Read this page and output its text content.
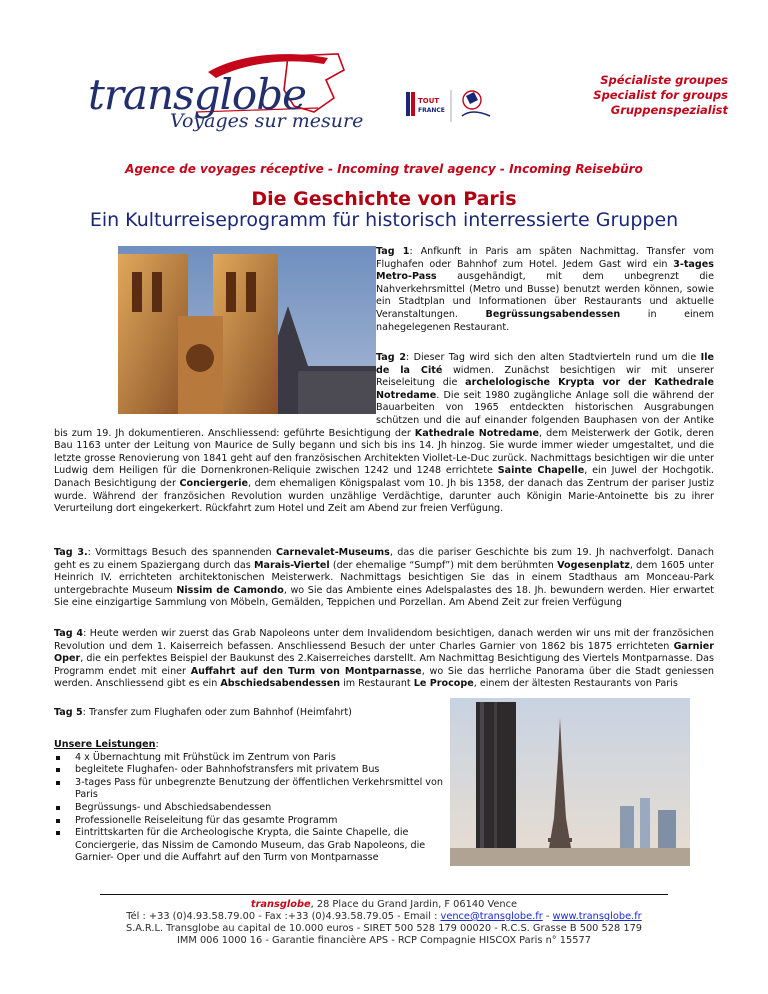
transglobe
Voyages sur mesure
TOUT
FRANCE
Spécialiste groupes
Specialist for groups
Gruppenspezialist
Agence de voyages réceptive - Incoming travel agency - Incoming Reisebüro
Die Geschichte von Paris
Ein Kulturreiseprogramm für historisch interressierte Gruppen
Tag 1: Anfkunft in Paris am späten Nachmittag. Transfer vom Flughafen oder Bahnhof zum Hotel. Jedem Gast wird ein 3-tages Metro-Pass ausgehändigt, mit dem unbegrenzt die Nahverkehrsmittel (Metro und Busse) benutzt werden können, sowie ein Stadtplan und Informationen über Restaurants und aktuelle Veranstaltungen. Begrüssungsabendessen in einem nahegelegenen Restaurant.
Tag 2: Dieser Tag wird sich den alten Stadtvierteln rund um die Ile de la Cité widmen. Zunächst besichtigen wir mit unserer Reiseleitung die archelologische Krypta vor der Kathedrale Notredame. Die seit 1980 zugängliche Anlage soll die während der Bauarbeiten von 1965 entdeckten historischen Ausgrabungen schützen und die auf einander folgenden Bauphasen von der Antike bis zum 19. Jh dokumentieren. Anschliessend: geführte Besichtigung der Kathedrale Notredame, dem Meisterwerk der Gotik, deren Bau 1163 unter der Leitung von Maurice de Sully begann und sich bis ins 14. Jh hinzog. Sie wurde immer wieder umgestaltet, und die letzte grosse Renovierung von 1841 geht auf den französischen Architekten Viollet-Le-Duc zurück. Nachmittags besichtigen wir die unter Ludwig dem Heiligen für die Dornenkronen-Reliquie zwischen 1242 und 1248 errichtete Sainte Chapelle, ein Juwel der Hochgotik. Danach Besichtigung der Conciergerie, dem ehemaligen Königspalast vom 10. Jh bis 1358, der danach das Zentrum der pariser Justiz wurde. Während der französichen Revolution wurden unzählige Verdächtige, darunter auch Königin Marie-Antoinette bis zu ihrer Verurteilung dort eingekerkert. Rückfahrt zum Hotel und Zeit am Abend zur freien Verfügung.
Tag 3.: Vormittags Besuch des spannenden Carnevalet-Museums, das die pariser Geschichte bis zum 19. Jh nachverfolgt. Danach geht es zu einem Spaziergang durch das Marais-Viertel (der ehemalige “Sumpf”) mit dem berühmten Vogesenplatz, dem 1605 unter Heinrich IV. errichteten architektonischen Meisterwerk. Nachmittags besichtigen Sie das in einem Stadthaus am Monceau-Park untergebrachte Museum Nissim de Camondo, wo Sie das Ambiente eines Adelspalastes des 18. Jh. bewundern werden. Hier erwartet Sie eine einzigartige Sammlung von Möbeln, Gemälden, Teppichen und Porzellan. Am Abend Zeit zur freien Verfügung
Tag 4: Heute werden wir zuerst das Grab Napoleons unter dem Invalidendom besichtigen, danach werden wir uns mit der französichen Revolution und dem 1. Kaiserreich befassen. Anschliessend Besuch der unter Charles Garnier von 1862 bis 1875 errichteten Garnier Oper, die ein perfektes Beispiel der Baukunst des 2.Kaiserreiches darstellt. Am Nachmittag Besichtigung des Viertels Montparnasse. Das Programm endet mit einer Auffahrt auf den Turm von Montparnasse, wo Sie das herrliche Panorama über die Stadt geniessen werden. Anschliessend gibt es ein Abschiedsabendessen im Restaurant Le Procope, einem der ältesten Restaurants von Paris
Tag 5: Transfer zum Flughafen oder zum Bahnhof (Heimfahrt)
Unsere Leistungen:
4 x Übernachtung mit Frühstück im Zentrum von Paris
begleitete Flughafen- oder Bahnhofstransfers mit privatem Bus
3-tages Pass für unbegrenzte Benutzung der öffentlichen Verkehrsmittel von Paris
Begrüssungs- und Abschiedsabendessen
Professionelle Reiseleitung für das gesamte Programm
Eintrittskarten für die Archeologische Krypta, die Sainte Chapelle, die Conciergerie, das Nissim de Camondo Museum, das Grab Napoleons, die Garnier- Oper und die Auffahrt auf den Turm von Montparnasse
transglobe, 28 Place du Grand Jardin, F 06140 Vence
Tél : +33 (0)4.93.58.79.00 - Fax :+33 (0)4.93.58.79.05 - Email : vence@transglobe.fr - www.transglobe.fr
S.A.R.L. Transglobe au capital de 10.000 euros - SIRET 500 528 179 00020 - R.C.S. Grasse B 500 528 179
IMM 006 1000 16 - Garantie financière APS - RCP Compagnie HISCOX Paris n° 15577
